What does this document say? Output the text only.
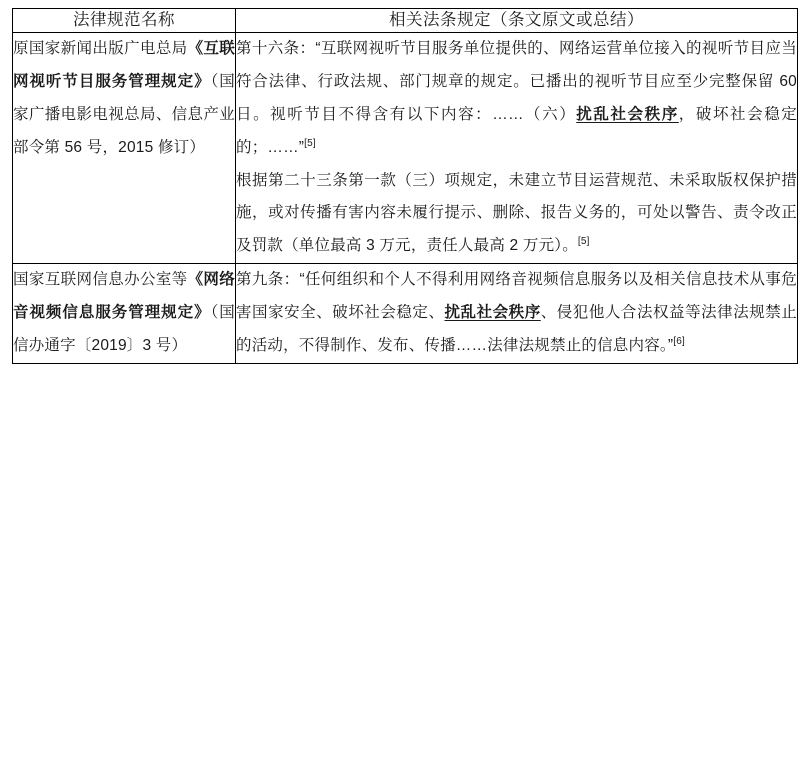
法律规范名称	相关法条规定（条文原文或总结）

原国家新闻出版广电总局《互联网视听节目服务管理规定》（国家广播电影电视总局、信息产业部令第 56 号，2015 修订）	第十六条：“互联网视听节目服务单位提供的、网络运营单位接入的视听节目应当符合法律、行政法规、部门规章的规定。已播出的视听节目应至少完整保留 60 日。视听节目不得含有以下内容：……（六）扰乱社会秩序，破坏社会稳定的；……”[5]

根据第二十三条第一款（三）项规定，未建立节目运营规范、未采取版权保护措施，或对传播有害内容未履行提示、删除、报告义务的，可处以警告、责令改正及罚款（单位最高 3 万元，责任人最高 2 万元）。[5]

国家互联网信息办公室等《网络音视频信息服务管理规定》（国信办通字〔2019〕3 号）	第九条：“任何组织和个人不得利用网络音视频信息服务以及相关信息技术从事危害国家安全、破坏社会稳定、扰乱社会秩序、侵犯他人合法权益等法律法规禁止的活动，不得制作、发布、传播……法律法规禁止的信息内容。”[6]
